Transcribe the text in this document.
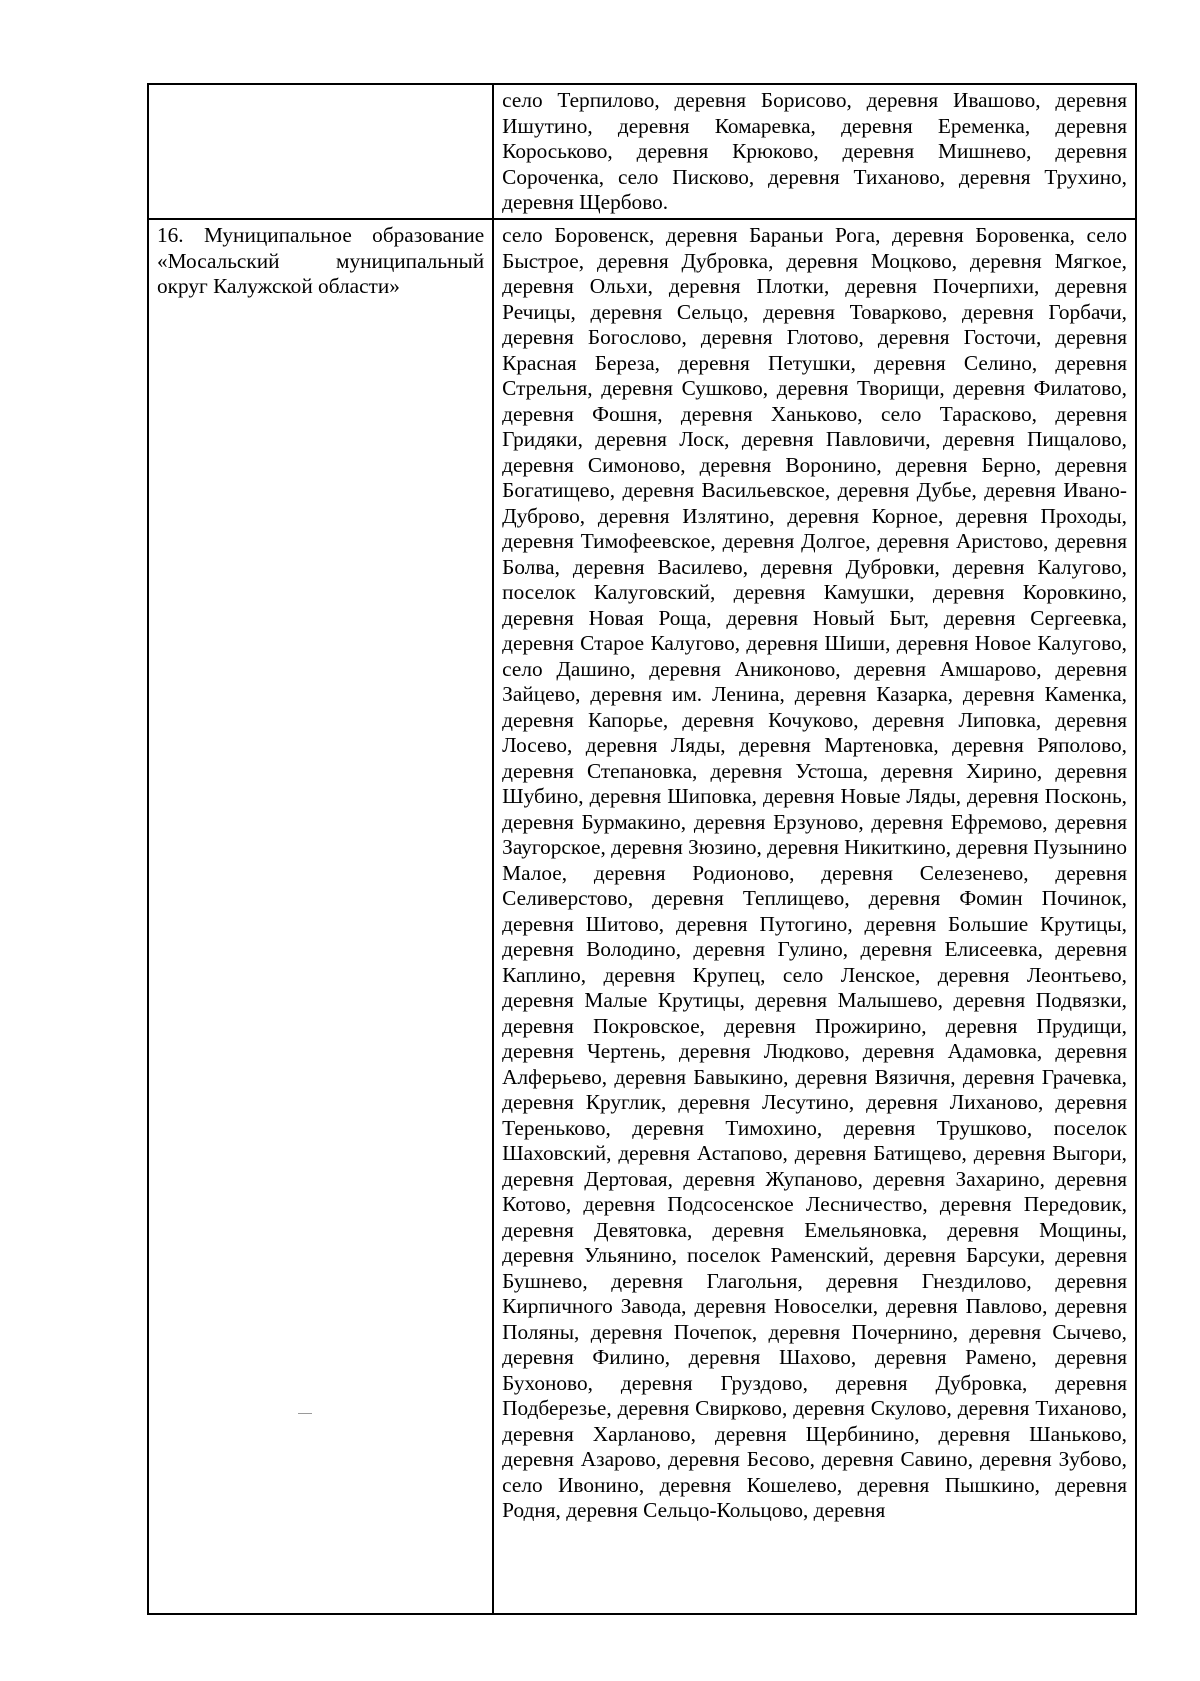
	село Терпилово, деревня Борисово, деревня Ивашово, деревня Ишутино, деревня Комаревка, деревня Еременка, деревня Короськово, деревня Крюково, деревня Мишнево, деревня Сороченка, село Писково, деревня Тиханово, деревня Трухино, деревня Щербово.

16. Муниципальное образование «Мосальский муниципальный округ Калужской области»	село Боровенск, деревня Бараньи Рога, деревня Боровенка, село Быстрое, деревня Дубровка, деревня Моцково, деревня Мягкое, деревня Ольхи, деревня Плотки, деревня Почерпихи, деревня Речицы, деревня Сельцо, деревня Товарково, деревня Горбачи, деревня Богослово, деревня Глотово, деревня Госточи, деревня Красная Береза, деревня Петушки, деревня Селино, деревня Стрельня, деревня Сушково, деревня Творищи, деревня Филатово, деревня Фошня, деревня Ханьково, село Тарасково, деревня Гридяки, деревня Лоск, деревня Павловичи, деревня Пищалово, деревня Симоново, деревня Воронино, деревня Берно, деревня Богатищево, деревня Васильевское, деревня Дубье, деревня Ивано-Дуброво, деревня Излятино, деревня Корное, деревня Проходы, деревня Тимофеевское, деревня Долгое, деревня Аристово, деревня Болва, деревня Василево, деревня Дубровки, деревня Калугово, поселок Калуговский, деревня Камушки, деревня Коровкино, деревня Новая Роща, деревня Новый Быт, деревня Сергеевка, деревня Старое Калугово, деревня Шиши, деревня Новое Калугово, село Дашино, деревня Аниконово, деревня Амшарово, деревня Зайцево, деревня им. Ленина, деревня Казарка, деревня Каменка, деревня Капорье, деревня Кочуково, деревня Липовка, деревня Лосево, деревня Ляды, деревня Мартеновка, деревня Ряполово, деревня Степановка, деревня Устоша, деревня Хирино, деревня Шубино, деревня Шиповка, деревня Новые Ляды, деревня Посконь, деревня Бурмакино, деревня Ерзуново, деревня Ефремово, деревня Заугорское, деревня Зюзино, деревня Никиткино, деревня Пузынино Малое, деревня Родионово, деревня Селезенево, деревня Селиверстово, деревня Теплищево, деревня Фомин Починок, деревня Шитово, деревня Путогино, деревня Большие Крутицы, деревня Володино, деревня Гулино, деревня Елисеевка, деревня Каплино, деревня Крупец, село Ленское, деревня Леонтьево, деревня Малые Крутицы, деревня Малышево, деревня Подвязки, деревня Покровское, деревня Прожирино, деревня Прудищи, деревня Чертень, деревня Людково, деревня Адамовка, деревня Алферьево, деревня Бавыкино, деревня Вязичня, деревня Грачевка, деревня Круглик, деревня Лесутино, деревня Лиханово, деревня Тереньково, деревня Тимохино, деревня Трушково, поселок Шаховский, деревня Астапово, деревня Батищево, деревня Выгори, деревня Дертовая, деревня Жупаново, деревня Захарино, деревня Котово, деревня Подсосенское Лесничество, деревня Передовик, деревня Девятовка, деревня Емельяновка, деревня Мощины, деревня Ульянино, поселок Раменский, деревня Барсуки, деревня Бушнево, деревня Глагольня, деревня Гнездилово, деревня Кирпичного Завода, деревня Новоселки, деревня Павлово, деревня Поляны, деревня Почепок, деревня Почернино, деревня Сычево, деревня Филино, деревня Шахово, деревня Рамено, деревня Бухоново, деревня Груздово, деревня Дубровка, деревня Подберезье, деревня Свирково, деревня Скулово, деревня Тиханово, деревня Харланово, деревня Щербинино, деревня Шаньково, деревня Азарово, деревня Бесово, деревня Савино, деревня Зубово, село Ивонино, деревня Кошелево, деревня Пышкино, деревня Родня, деревня Сельцо-Кольцово, деревня
